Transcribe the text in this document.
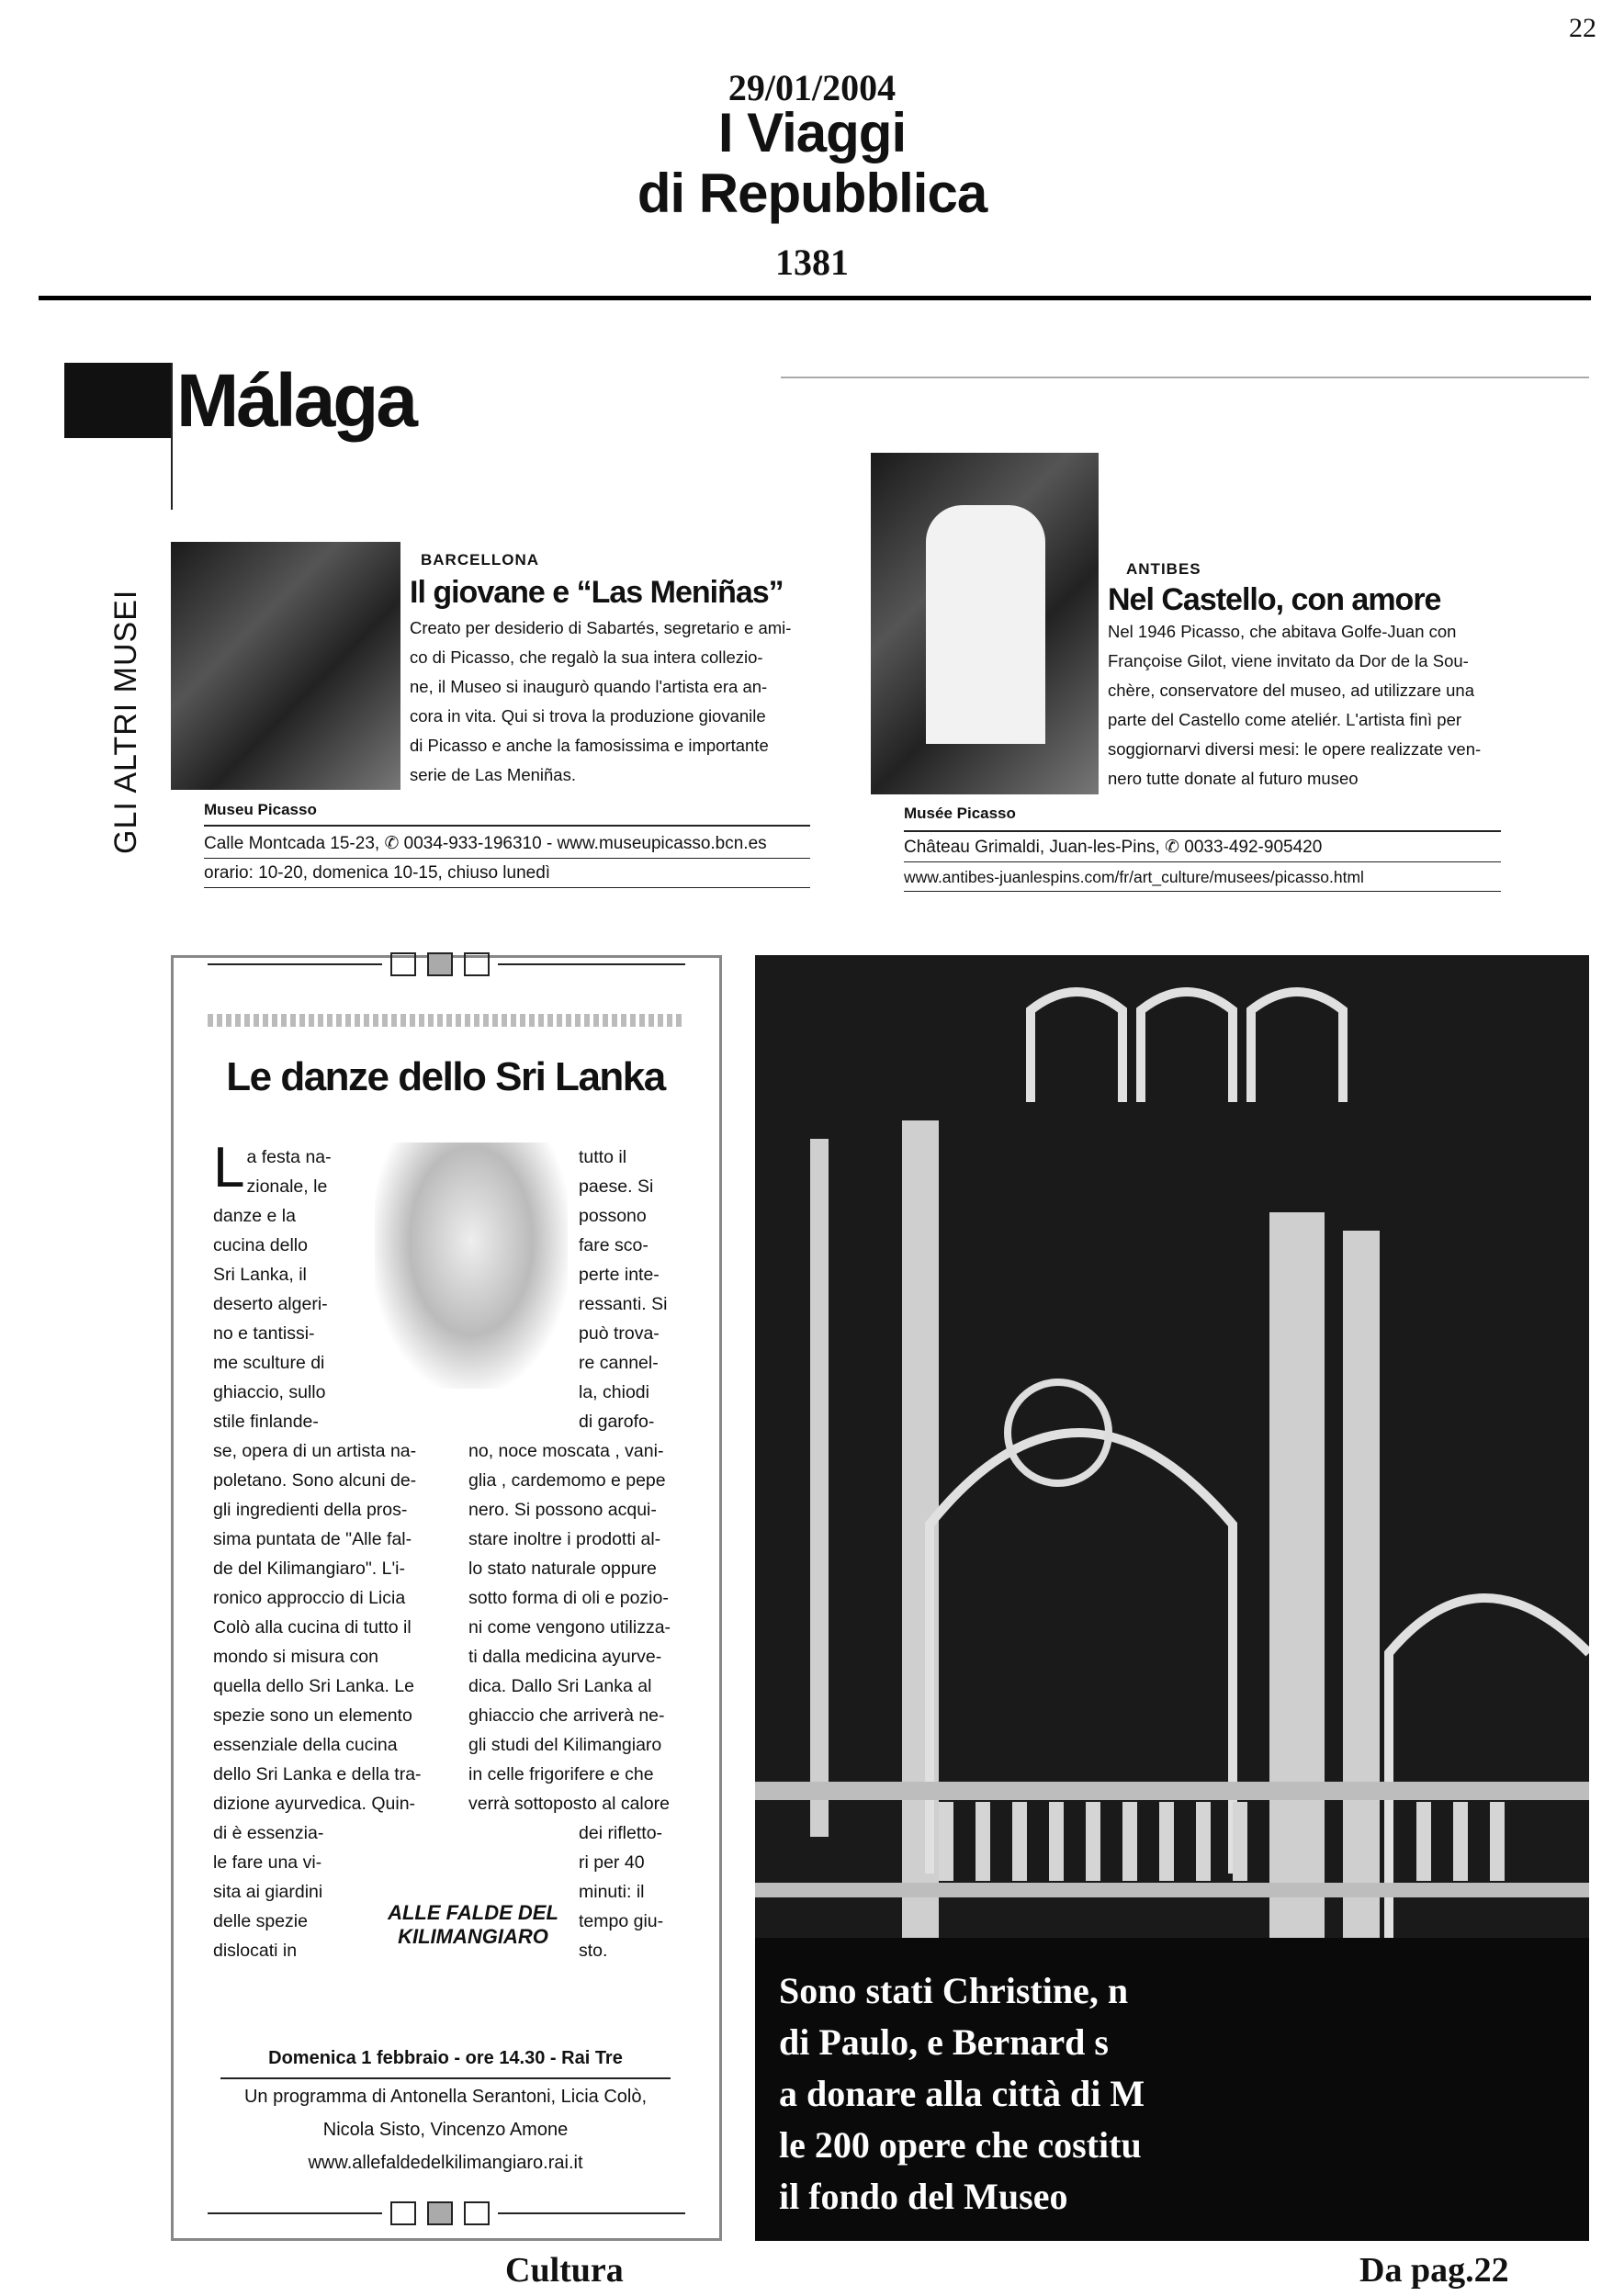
22
29/01/2004
I Viaggi
di Repubblica
1381
Málaga
GLI ALTRI MUSEI
BARCELLONA
Il giovane e “Las Meniñas”
Creato per desiderio di Sabartés, segretario e ami-
co di Picasso, che regalò la sua intera collezio-
ne, il Museo si inaugurò quando l'artista era an-
cora in vita. Qui si trova la produzione giovanile
di Picasso e anche la famosissima e importante
serie de Las Meniñas.
Museu Picasso
Calle Montcada 15-23, ✆ 0034-933-196310 - www.museupicasso.bcn.es
orario: 10-20, domenica 10-15, chiuso lunedì
ANTIBES
Nel Castello, con amore
Nel 1946 Picasso, che abitava Golfe-Juan con
Françoise Gilot, viene invitato da Dor de la Sou-
chère, conservatore del museo, ad utilizzare una
parte del Castello come ateliér. L'artista finì per
soggiornarvi diversi mesi: le opere realizzate ven-
nero tutte donate al futuro museo
Musée Picasso
Château Grimaldi, Juan-les-Pins, ✆ 0033-492-905420
www.antibes-juanlespins.com/fr/art_culture/musees/picasso.html
Le danze dello Sri Lanka
L a festa na-
zionale, le
danze e la
cucina dello
Sri Lanka, il
deserto algeri-
no e tantissi-
me sculture di
ghiaccio, sullo
stile finlande-
tutto il
paese. Si
possono
fare sco-
perte inte-
ressanti. Si
può trova-
re cannel-
la, chiodi
di garofo-
se, opera di un artista na-
poletano. Sono alcuni de-
gli ingredienti della pros-
sima puntata de "Alle fal-
de del Kilimangiaro". L'i-
ronico approccio di Licia
Colò alla cucina di tutto il
mondo si misura con
quella dello Sri Lanka. Le
spezie sono un elemento
essenziale della cucina
dello Sri Lanka e della tra-
dizione ayurvedica. Quin-
no, noce moscata , vani-
glia , cardemomo e pepe
nero. Si possono acqui-
stare inoltre i prodotti al-
lo stato naturale oppure
sotto forma di oli e pozio-
ni come vengono utilizza-
ti dalla medicina ayurve-
dica. Dallo Sri Lanka al
ghiaccio che arriverà ne-
gli studi del Kilimangiaro
in celle frigorifere e che
verrà sottoposto al calore
di è essenzia-
le fare una vi-
sita ai giardini
delle spezie
dislocati in
ALLE FALDE DEL KILIMANGIARO
dei rifletto-
ri per 40
minuti: il
tempo giu-
sto.
Domenica 1 febbraio - ore 14.30 - Rai Tre
Un programma di Antonella Serantoni, Licia Colò,
Nicola Sisto, Vincenzo Amone
www.allefaldedelkilimangiaro.rai.it
Sono stati Christine, n
di Paulo, e Bernard s
a donare alla città di M
le 200 opere che costitu
il fondo del Museo
Cultura	Da pag.22
